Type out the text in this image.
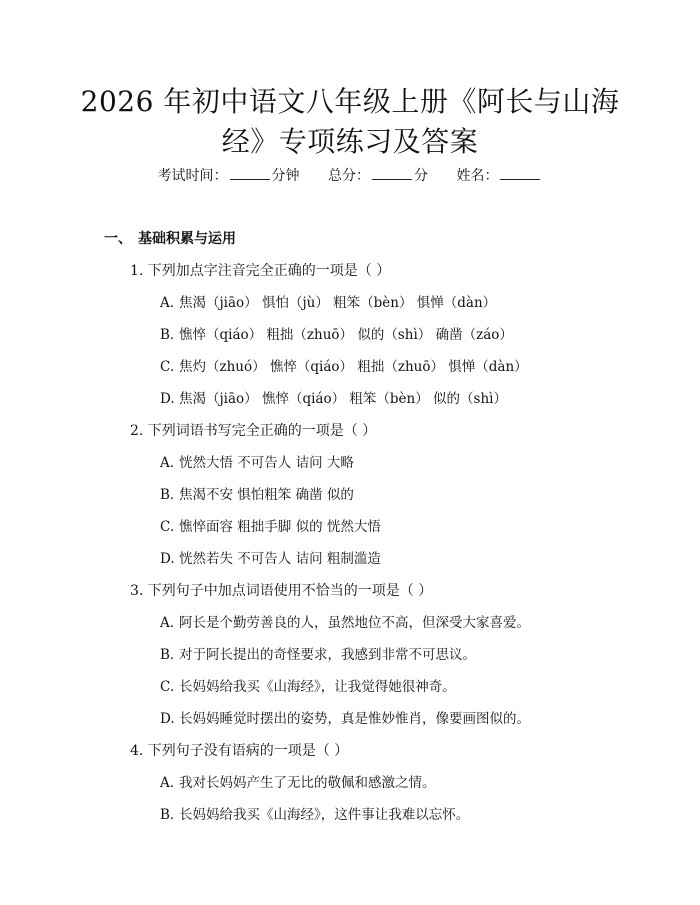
2026 年初中语文八年级上册《阿长与山海
经》专项练习及答案
考试时间：	分钟 总分：	分 姓名：
一、 基础积累与运用
1. 下列加点字注音完全正确的一项是（ ）
A. 焦渴（jiāo） 惧怕（jù） 粗笨（bèn） 惧惮（dàn）
B. 憔悴（qiáo） 粗拙（zhuō） 似的（shì） 确凿（záo）
C. 焦灼（zhuó） 憔悴（qiáo） 粗拙（zhuō） 惧惮（dàn）
D. 焦渴（jiāo） 憔悴（qiáo） 粗笨（bèn） 似的（shì）
2. 下列词语书写完全正确的一项是（ ）
A. 恍然大悟 不可告人 诘问 大略
B. 焦渴不安 惧怕粗笨 确凿 似的
C. 憔悴面容 粗拙手脚 似的 恍然大悟
D. 恍然若失 不可告人 诘问 粗制滥造
3. 下列句子中加点词语使用不恰当的一项是（ ）
A. 阿长是个勤劳善良的人，虽然地位不高，但深受大家喜爱。
B. 对于阿长提出的奇怪要求，我感到非常不可思议。
C. 长妈妈给我买《山海经》，让我觉得她很神奇。
D. 长妈妈睡觉时摆出的姿势，真是惟妙惟肖，像要画图似的。
4. 下列句子没有语病的一项是（ ）
A. 我对长妈妈产生了无比的敬佩和感激之情。
B. 长妈妈给我买《山海经》，这件事让我难以忘怀。
